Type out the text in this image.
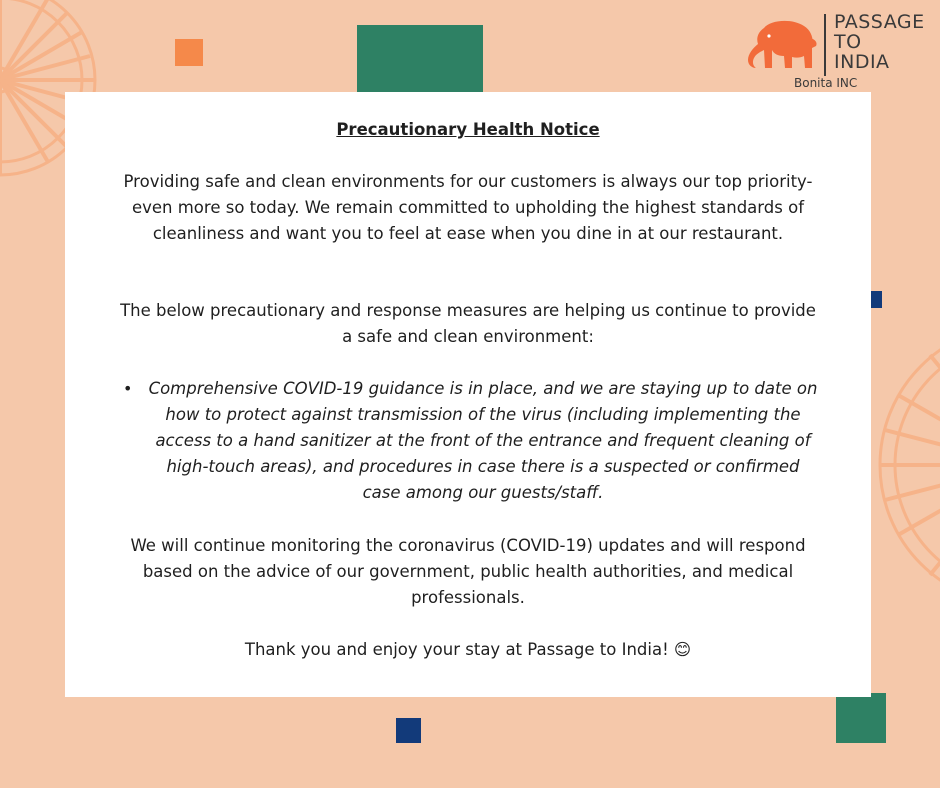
PASSAGE
TO
INDIA
Bonita INC
Precautionary Health Notice
Providing safe and clean environments for our customers is always our top priority- even more so today. We remain committed to upholding the highest standards of cleanliness and want you to feel at ease when you dine in at our restaurant.
The below precautionary and response measures are helping us continue to provide a safe and clean environment:
• Comprehensive COVID-19 guidance is in place, and we are staying up to date on how to protect against transmission of the virus (including implementing the access to a hand sanitizer at the front of the entrance and frequent cleaning of high-touch areas), and procedures in case there is a suspected or confirmed case among our guests/staff.
We will continue monitoring the coronavirus (COVID-19) updates and will respond based on the advice of our government, public health authorities, and medical professionals.
Thank you and enjoy your stay at Passage to India! 😊
